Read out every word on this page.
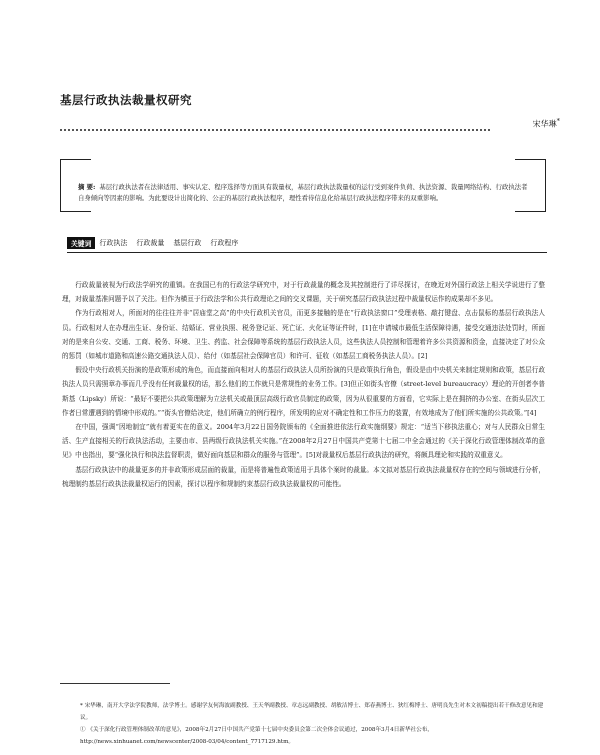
基层行政执法裁量权研究
宋华琳*
摘 要: 基层行政执法者在法律适用、事实认定、程序选择等方面具有裁量权，基层行政执法裁量权的运行受到案件负荷、执法资源、裁量网络结构、行政执法者自身倾向等因素的影响。为此要设计出简化的、公正的基层行政执法程序，理性看待信息化给基层行政执法程序带来的双重影响。
关键词	行政执法 行政裁量 基层行政 行政程序

行政裁量被视为行政法学研究的重镇。在我国已有的行政法学研究中，对于行政裁量的概念及其控制进行了详尽探讨，在晚近对外国行政法上相关学说进行了整理，对裁量基准问题予以了关注。但作为横亘于行政法学和公共行政理论之间的交叉课题，关于研究基层行政执法过程中裁量权运作的成果却不多见。

作为行政相对人，所面对的往往往并非“居庙堂之高”的中央行政机关官员，而更多接触的是在“行政执法窗口”受理表格、敲打键盘、点击鼠标的基层行政执法人员。行政相对人在办理出生证、身份证、结婚证、营业执照、税务登记证、死亡证、火化证等证件时，[1]在申请城市最低生活保障待遇，接受交通违法处罚时，所面对的是来自公安、交通、工商、税务、环境、卫生、药监、社会保障等系统的基层行政执法人员，这些执法人员控制和管理着许多公共资源和资金，直接决定了对公众的惩罚（如城市道路和高速公路交通执法人员）、给付（如基层社会保障官员）和许可、征收（如基层工商税务执法人员）。[2]

假设中央行政机关扮演的是政策形成的角色，而直接面向相对人的基层行政执法人员所扮演的只是政策执行角色，假设是由中央机关来制定规则和政策，基层行政执法人员只需照章办事而几乎没有任何裁量权的话，那么他们的工作就只是常规性的业务工作。[3]但正如街头官僚（street-level bureaucracy）理论的开创者李普斯基（Lipsky）所说：“最好不要把公共政策理解为立法机关或最顶层高级行政官员制定的政策，因为从很重要的方面看，它实际上是在拥挤的办公室、在街头层次工作者日常遭遇到的情境中形成的。”“街头官僚给决定，他们所确立的例行程序，所发明的应对不确定性和工作压力的装置，有效地成为了他们所实施的公共政策。”[4]

在中国，强调“因地制宜”就有着更实在的意义。2004年3月22日国务院颁布的《全面推进依法行政实施纲要》规定：“适当下移执法重心；对与人民群众日常生活、生产直接相关的行政执法活动，主要由市、县两级行政执法机关实施。”在2008年2月27日中国共产党第十七届二中全会通过的《关于深化行政管理体制改革的意见》中也指出，要“强化执行和执法监督职责，做好面向基层和群众的服务与管理”。[5]对裁量权后基层行政执法的研究，将颇具理论和实践的双重意义。

基层行政执法中的裁量更多的并非政策形成层面的裁量，而是将普遍性政策适用于具体个案时的裁量。本文拟对基层行政执法裁量权存在的空间与领域进行分析，梳理制约基层行政执法裁量权运行的因素，探讨以程序和规制约束基层行政执法裁量权的可能性。

* 宋华琳，南开大学法学院教师，法学博士。感谢学友何海波副教授、王天华副教授、章志远副教授、胡敏洁博士、郑春燕博士、狄红梅博士、唐明良先生对本文初稿提出若干修改意见和建议。

① 《关于深化行政管理体制改革的意见》，2008年2月27日中国共产党第十七届中央委员会第二次全体会议通过，2008年3月4日新华社公布，http://news.xinhuanet.com/newscenter/2008-03/04/content_7717129.htm。
